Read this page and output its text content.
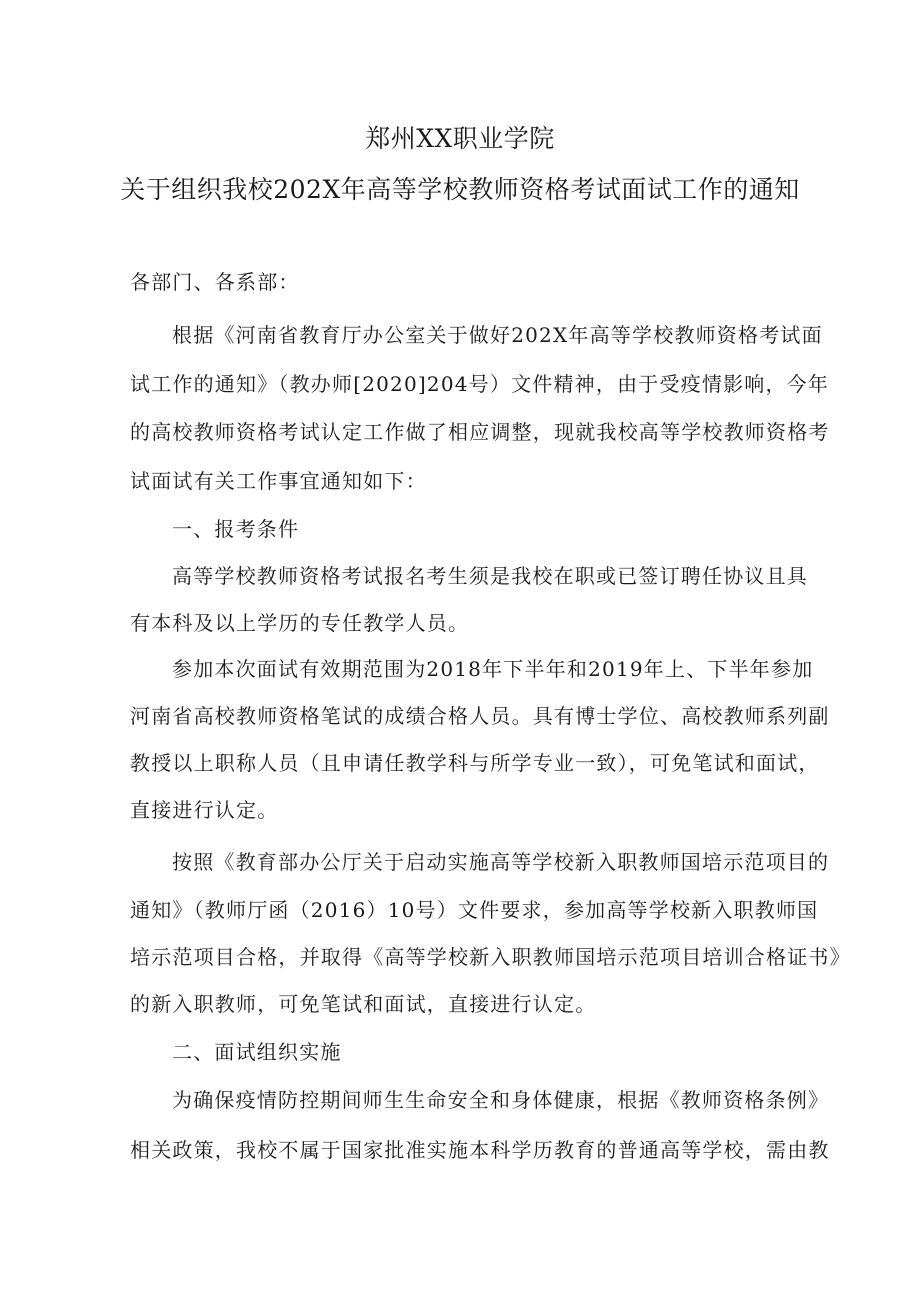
郑州XX职业学院
关于组织我校202X年高等学校教师资格考试面试工作的通知
各部门、各系部：
根据《河南省教育厅办公室关于做好202X年高等学校教师资格考试面
试工作的通知》（教办师[2020]204号）文件精神，由于受疫情影响，今年
的高校教师资格考试认定工作做了相应调整，现就我校高等学校教师资格考
试面试有关工作事宜通知如下：
一、报考条件
高等学校教师资格考试报名考生须是我校在职或已签订聘任协议且具
有本科及以上学历的专任教学人员。
参加本次面试有效期范围为2018年下半年和2019年上、下半年参加
河南省高校教师资格笔试的成绩合格人员。具有博士学位、高校教师系列副
教授以上职称人员（且申请任教学科与所学专业一致），可免笔试和面试，
直接进行认定。
按照《教育部办公厅关于启动实施高等学校新入职教师国培示范项目的
通知》（教师厅函（2016）10号）文件要求，参加高等学校新入职教师国
培示范项目合格，并取得《高等学校新入职教师国培示范项目培训合格证书》
的新入职教师，可免笔试和面试，直接进行认定。
二、面试组织实施
为确保疫情防控期间师生生命安全和身体健康，根据《教师资格条例》
相关政策，我校不属于国家批准实施本科学历教育的普通高等学校，需由教
